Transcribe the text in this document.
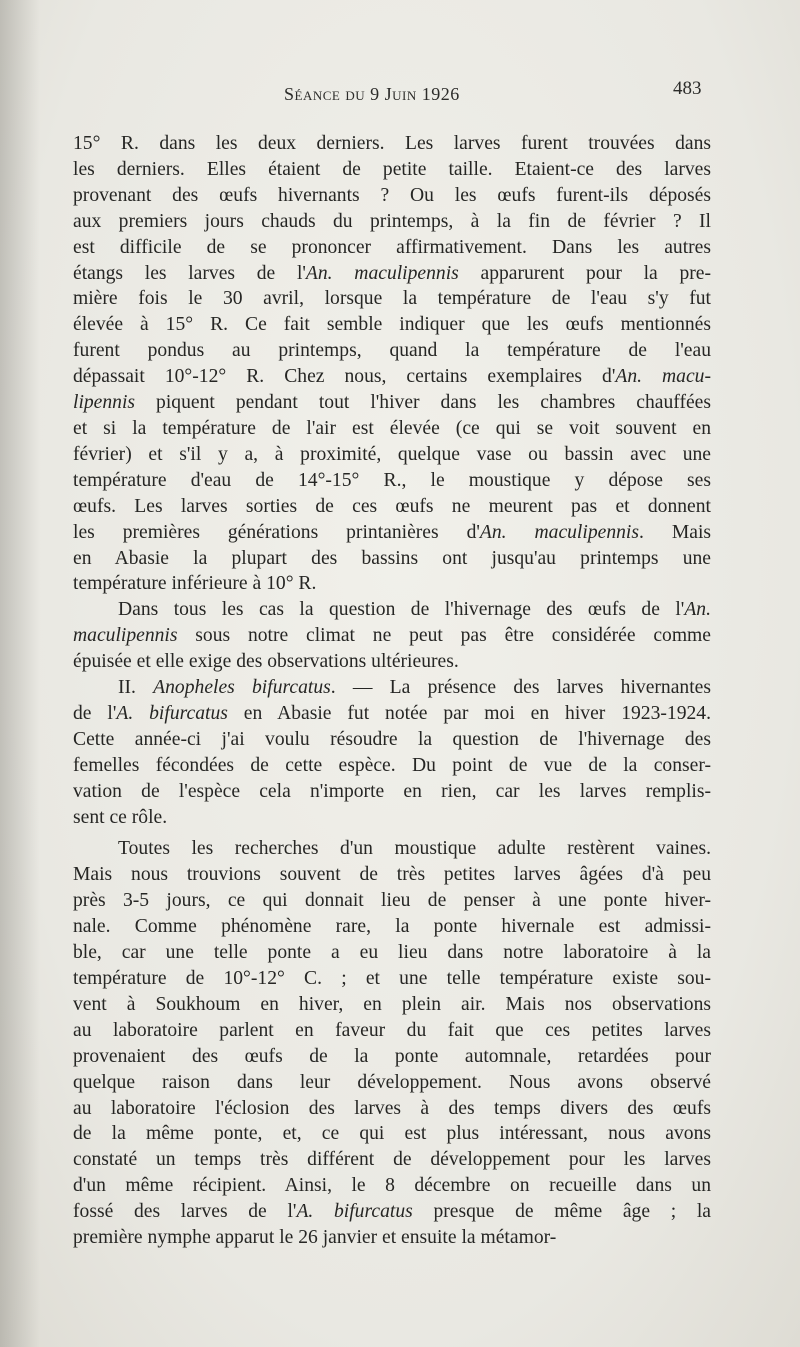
Séance du 9 Juin 1926	483
15° R. dans les deux derniers. Les larves furent trouvées dans
les derniers. Elles étaient de petite taille. Etaient-ce des larves
provenant des œufs hivernants ? Ou les œufs furent-ils déposés
aux premiers jours chauds du printemps, à la fin de février ? Il
est difficile de se prononcer affirmativement. Dans les autres
étangs les larves de l'An. maculipennis apparurent pour la pre-
mière fois le 30 avril, lorsque la température de l'eau s'y fut
élevée à 15° R. Ce fait semble indiquer que les œufs mentionnés
furent pondus au printemps, quand la température de l'eau
dépassait 10°-12° R. Chez nous, certains exemplaires d'An. macu-
lipennis piquent pendant tout l'hiver dans les chambres chauffées
et si la température de l'air est élevée (ce qui se voit souvent en
février) et s'il y a, à proximité, quelque vase ou bassin avec une
température d'eau de 14°-15° R., le moustique y dépose ses
œufs. Les larves sorties de ces œufs ne meurent pas et donnent
les premières générations printanières d'An. maculipennis. Mais
en Abasie la plupart des bassins ont jusqu'au printemps une
température inférieure à 10° R.
Dans tous les cas la question de l'hivernage des œufs de l'An.
maculipennis sous notre climat ne peut pas être considérée comme
épuisée et elle exige des observations ultérieures.
II. Anopheles bifurcatus. — La présence des larves hivernantes
de l'A. bifurcatus en Abasie fut notée par moi en hiver 1923-1924.
Cette année-ci j'ai voulu résoudre la question de l'hivernage des
femelles fécondées de cette espèce. Du point de vue de la conser-
vation de l'espèce cela n'importe en rien, car les larves remplis-
sent ce rôle.
Toutes les recherches d'un moustique adulte restèrent vaines.
Mais nous trouvions souvent de très petites larves âgées d'à peu
près 3-5 jours, ce qui donnait lieu de penser à une ponte hiver-
nale. Comme phénomène rare, la ponte hivernale est admissi-
ble, car une telle ponte a eu lieu dans notre laboratoire à la
température de 10°-12° C. ; et une telle température existe sou-
vent à Soukhoum en hiver, en plein air. Mais nos observations
au laboratoire parlent en faveur du fait que ces petites larves
provenaient des œufs de la ponte automnale, retardées pour
quelque raison dans leur développement. Nous avons observé
au laboratoire l'éclosion des larves à des temps divers des œufs
de la même ponte, et, ce qui est plus intéressant, nous avons
constaté un temps très différent de développement pour les larves
d'un même récipient. Ainsi, le 8 décembre on recueille dans un
fossé des larves de l'A. bifurcatus presque de même âge ; la
première nymphe apparut le 26 janvier et ensuite la métamor-
